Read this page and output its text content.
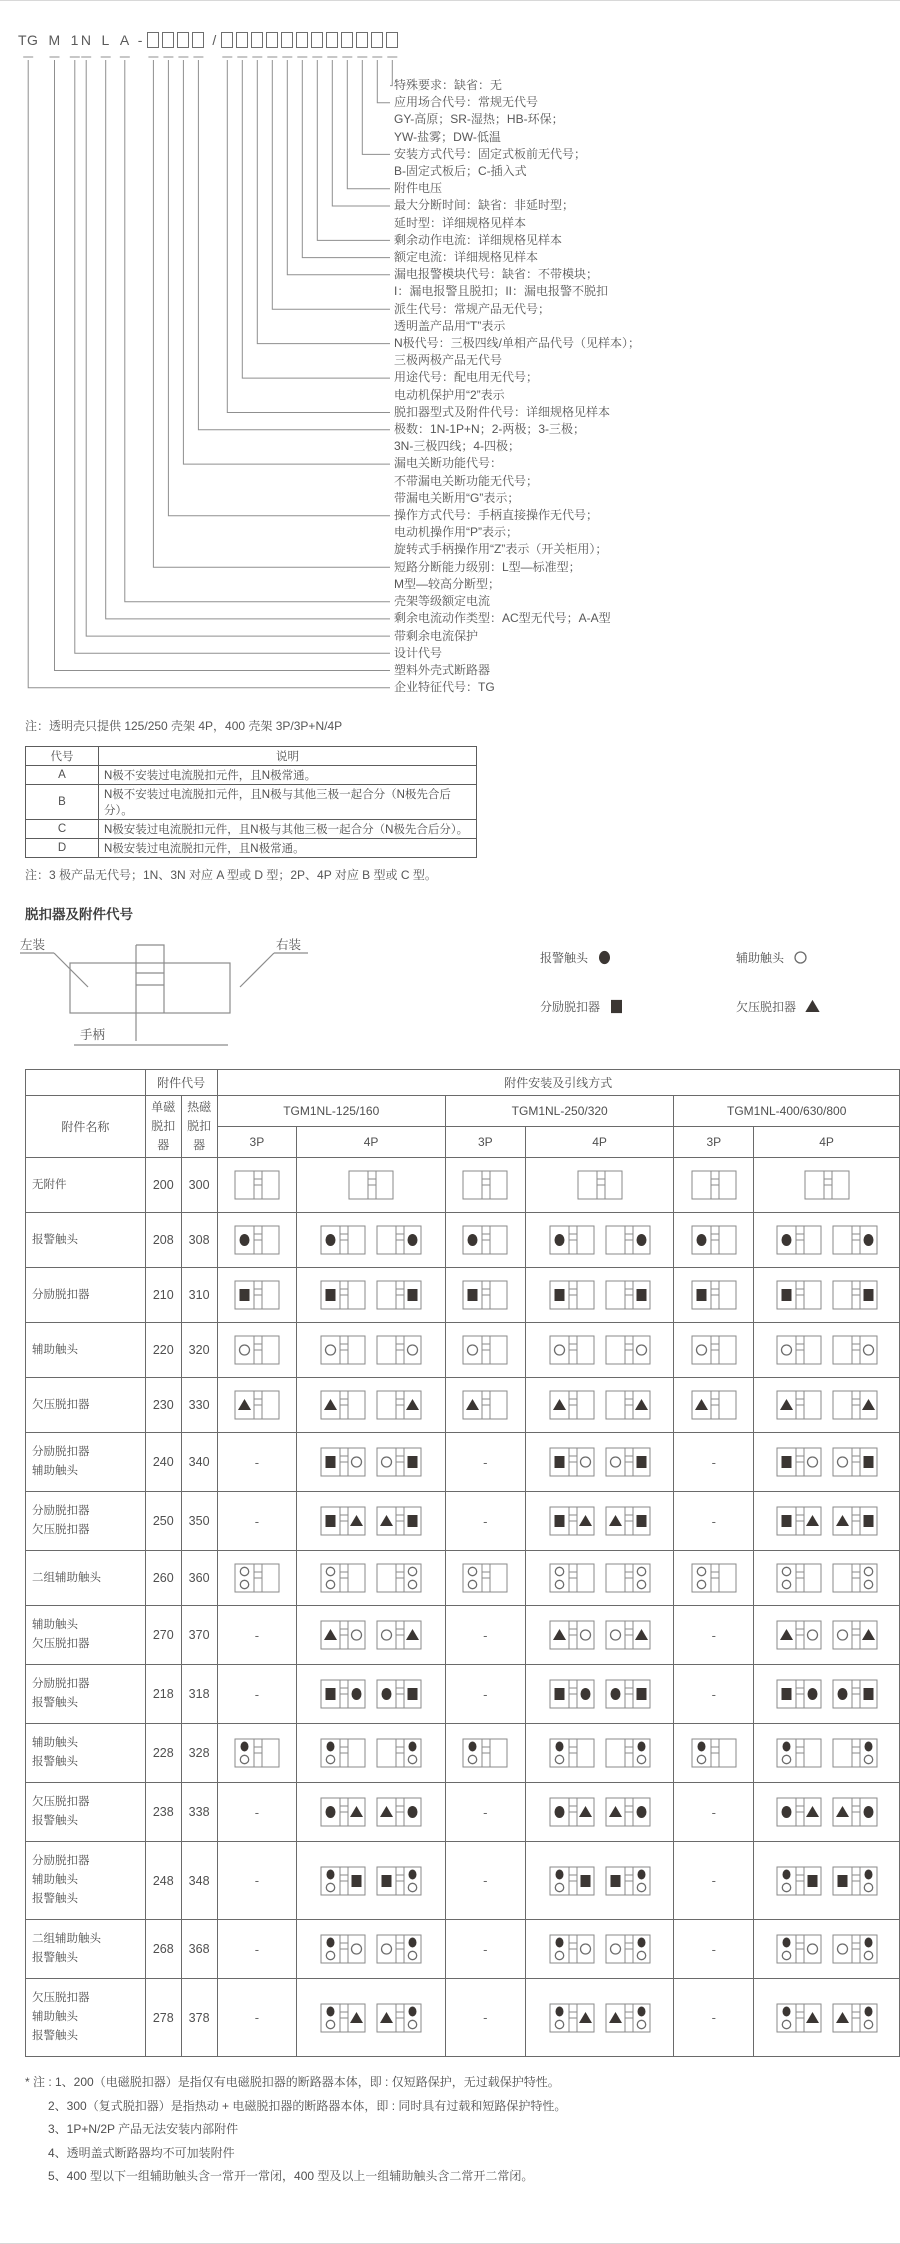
TG M 1 N L A -	/
特殊要求：缺省：无
应用场合代号：常规无代号
GY-高原；SR-湿热；HB-环保；
YW-盐雾；DW-低温
安装方式代号：固定式板前无代号；
B-固定式板后；C-插入式
附件电压
最大分断时间：缺省：非延时型；
延时型：详细规格见样本
剩余动作电流：详细规格见样本
额定电流：详细规格见样本
漏电报警模块代号：缺省：不带模块；
I：漏电报警且脱扣；II：漏电报警不脱扣
派生代号：常规产品无代号；
透明盖产品用“T”表示
N极代号：三极四线/单相产品代号（见样本）；
三极两极产品无代号
用途代号：配电用无代号；
电动机保护用“2”表示
脱扣器型式及附件代号：详细规格见样本
极数：1N-1P+N；2-两极；3-三极；
3N-三极四线；4-四极；
漏电关断功能代号：
不带漏电关断功能无代号；
带漏电关断用“G”表示；
操作方式代号：手柄直接操作无代号；
电动机操作用“P”表示；
旋转式手柄操作用“Z”表示（开关柜用）；
短路分断能力级别：L型—标准型；
M型—较高分断型；
壳架等级额定电流
剩余电流动作类型：AC型无代号；A-A型
带剩余电流保护
设计代号
塑料外壳式断路器
企业特征代号：TG
注：透明壳只提供 125/250 壳架 4P，400 壳架 3P/3P+N/4P
代号	说明
A	N极不安装过电流脱扣元件，且N极常通。
B	N极不安装过电流脱扣元件，且N极与其他三极一起合分（N极先合后分）。
C	N极安装过电流脱扣元件，且N极与其他三极一起合分（N极先合后分）。
D	N极安装过电流脱扣元件，且N极常通。
注：3 极产品无代号；1N、3N 对应 A 型或 D 型；2P、4P 对应 B 型或 C 型。
脱扣器及附件代号
左装	右装
手柄
报警触头	辅助触头
分励脱扣器	欠压脱扣器
	附件代号		附件安装及引线方式					
附件名称	单磁脱扣器	热磁脱扣器	TGM1NL-125/160		TGM1NL-250/320		TGM1NL-400/630/800	
			3P	4P	3P	4P	3P	4P

无附件	200	300						

报警触头	208	308						

分励脱扣器	210	310						

辅助触头	220	320						

欠压脱扣器	230	330						

分励脱扣器
辅助触头	240	340	-		-		-	

分励脱扣器
欠压脱扣器	250	350	-		-		-	

二组辅助触头	260	360						

辅助触头
欠压脱扣器	270	370	-		-		-	

分励脱扣器
报警触头	218	318	-		-		-	

辅助触头
报警触头	228	328						

欠压脱扣器
报警触头	238	338	-		-		-	

分励脱扣器
辅助触头
报警触头	248	348	-		-		-	

二组辅助触头
报警触头	268	368	-		-		-	

欠压脱扣器
辅助触头
报警触头	278	378	-		-		-	
* 注 : 1、200（电磁脱扣器）是指仅有电磁脱扣器的断路器本体，即 : 仅短路保护，无过载保护特性。
2、300（复式脱扣器）是指热动 + 电磁脱扣器的断路器本体，即 : 同时具有过载和短路保护特性。
3、1P+N/2P 产品无法安装内部附件
4、透明盖式断路器均不可加装附件
5、400 型以下一组辅助触头含一常开一常闭，400 型及以上一组辅助触头含二常开二常闭。
